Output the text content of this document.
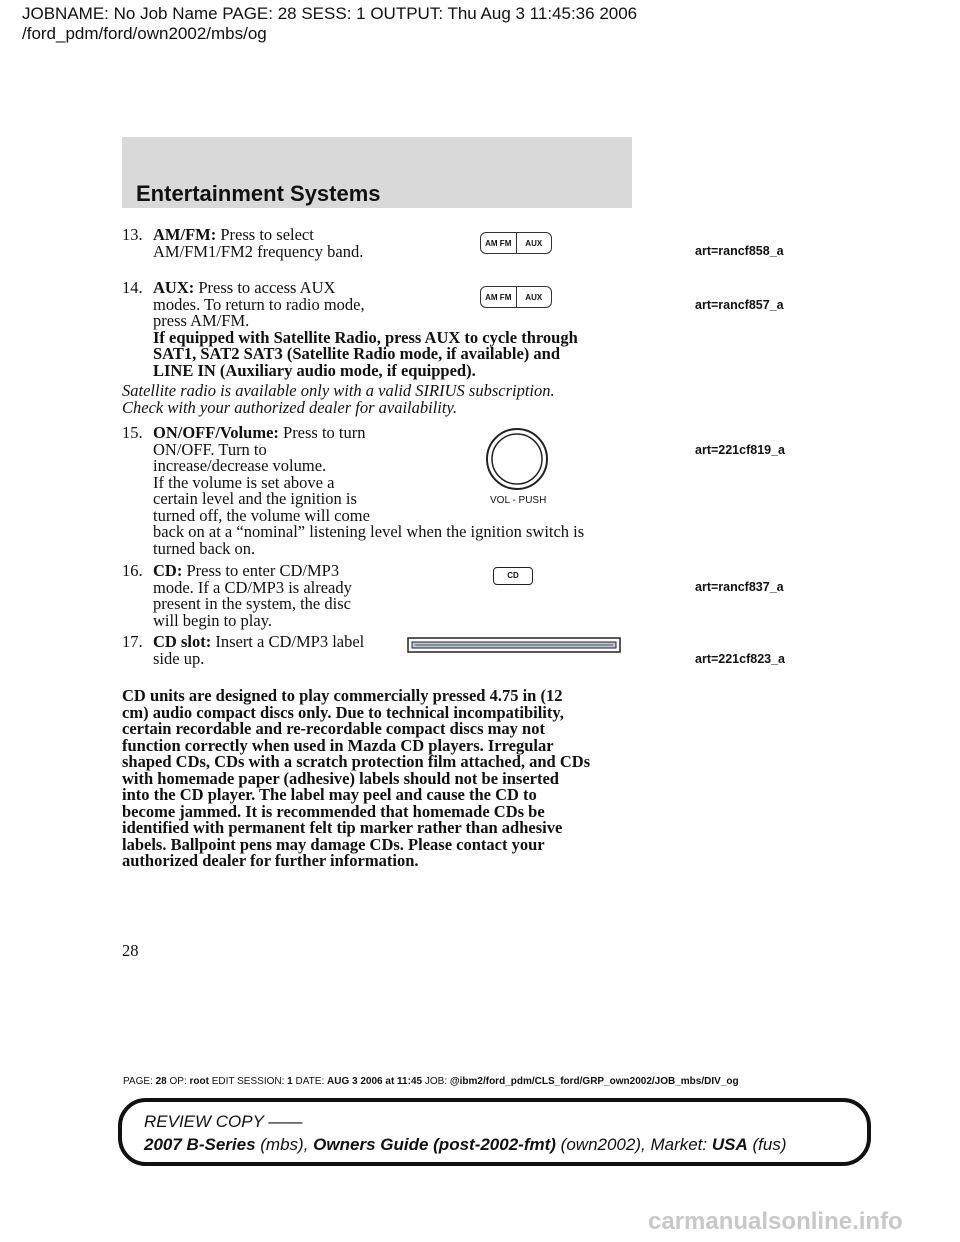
JOBNAME: No Job Name PAGE: 28 SESS: 1 OUTPUT: Thu Aug 3 11:45:36 2006
/ford_pdm/ford/own2002/mbs/og
Entertainment Systems
13. AM/FM: Press to select
AM/FM1/FM2 frequency band.
14. AUX: Press to access AUX
modes. To return to radio mode,
press AM/FM.
If equipped with Satellite Radio, press AUX to cycle through
SAT1, SAT2 SAT3 (Satellite Radio mode, if available) and
LINE IN (Auxiliary audio mode, if equipped).
Satellite radio is available only with a valid SIRIUS subscription.
Check with your authorized dealer for availability.
15. ON/OFF/Volume: Press to turn
ON/OFF. Turn to
increase/decrease volume.
If the volume is set above a
certain level and the ignition is
turned off, the volume will come
back on at a “nominal” listening level when the ignition switch is
turned back on.
16. CD: Press to enter CD/MP3
mode. If a CD/MP3 is already
present in the system, the disc
will begin to play.
17. CD slot: Insert a CD/MP3 label
side up.
CD units are designed to play commercially pressed 4.75 in (12
cm) audio compact discs only. Due to technical incompatibility,
certain recordable and re-recordable compact discs may not
function correctly when used in Mazda CD players. Irregular
shaped CDs, CDs with a scratch protection film attached, and CDs
with homemade paper (adhesive) labels should not be inserted
into the CD player. The label may peel and cause the CD to
become jammed. It is recommended that homemade CDs be
identified with permanent felt tip marker rather than adhesive
labels. Ballpoint pens may damage CDs. Please contact your
authorized dealer for further information.
AM FM	AUX
art=rancf858_a
AM FM	AUX
art=rancf857_a
VOL - PUSH
art=221cf819_a
CD
art=rancf837_a
art=221cf823_a
28
PAGE: 28 OP: root EDIT SESSION: 1 DATE: AUG 3 2006 at 11:45 JOB: @ibm2/ford_pdm/CLS_ford/GRP_own2002/JOB_mbs/DIV_og
REVIEW COPY ——
2007 B-Series (mbs), Owners Guide (post-2002-fmt) (own2002), Market: USA (fus)
carmanualsonline.info
